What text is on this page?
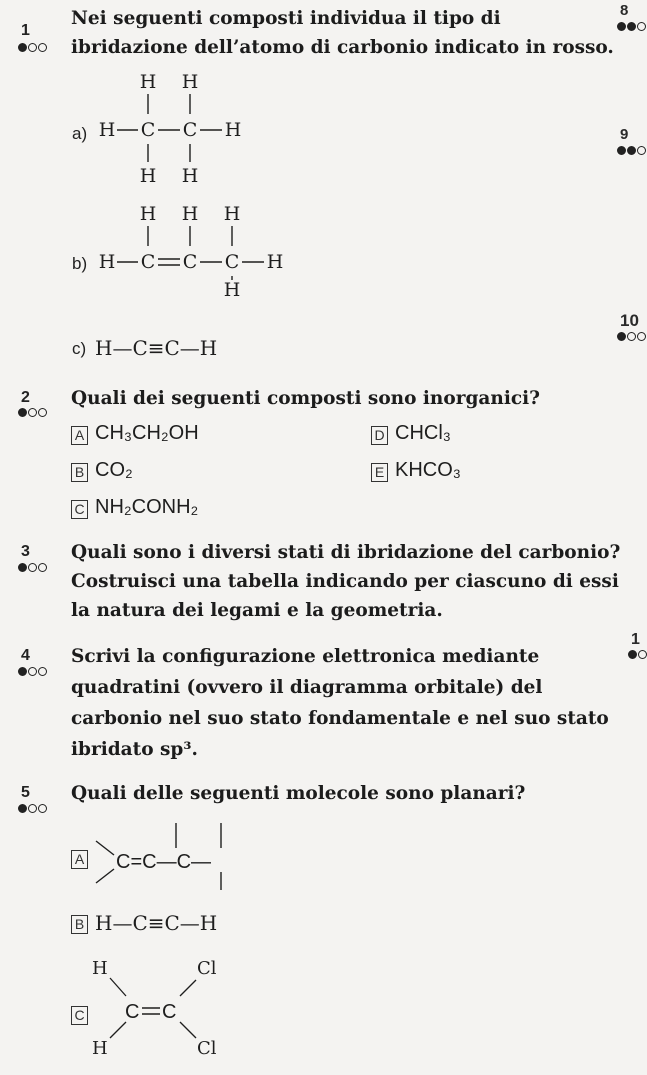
8
9
10
1
1
Nei seguenti composti individua il tipo di
ibridazione dell’atomo di carbonio indicato in rosso.
a)
H H
H C C H
H H
b)
H H H
H C C C H
H
c) H—C≡C—H
2 Quali dei seguenti composti sono inorganici?
A CH₃CH₂OH
B CO₂
C NH₂CONH₂
D CHCl₃
E KHCO₃
3 Quali sono i diversi stati di ibridazione del carbonio?
Costruisci una tabella indicando per ciascuno di essi
la natura dei legami e la geometria.
4 Scrivi la configurazione elettronica mediante
quadratini (ovvero il diagramma orbitale) del
carbonio nel suo stato fondamentale e nel suo stato
ibridato sp³.
5 Quali delle seguenti molecole sono planari?
A C=C—C—
B H—C≡C—H
C
H
H
C C
Cl
Cl
